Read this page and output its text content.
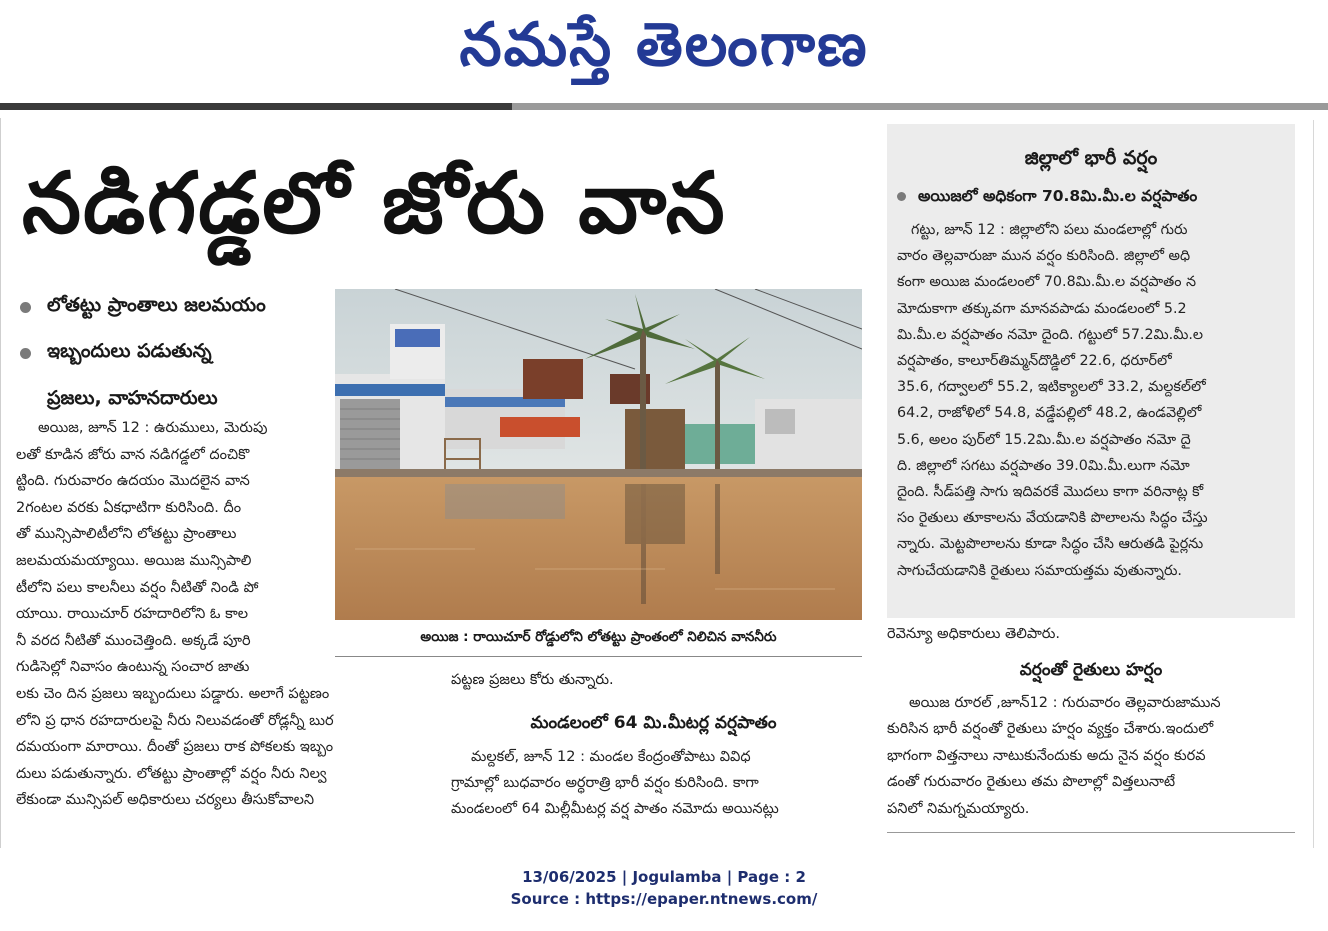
నమస్తే తెలంగాణ
నడిగడ్డలో జోరు వాన
లోతట్టు ప్రాంతాలు జలమయం
ఇబ్బందులు పడుతున్న
ప్రజలు, వాహనదారులు

అయిజ, జూన్ 12 : ఉరుములు, మెరుపు

లతో కూడిన జోరు వాన నడిగడ్డలో దంచికొ

ట్టింది. గురువారం ఉదయం మొదలైన వాన

2గంటల వరకు ఏకధాటిగా కురిసింది. దీం

తో మున్సిపాలిటీలోని లోతట్టు ప్రాంతాలు

జలమయమయ్యాయి. అయిజ మున్సిపాలి

టీలోని పలు కాలనీలు వర్షం నీటితో నిండి పో

యాయి. రాయిచూర్ రహదారిలోని ఓ కాల

నీ వరద నీటితో ముంచెత్తింది. అక్కడే పూరి

గుడిసెల్లో నివాసం ఉంటున్న సంచార జాతు

లకు చెం దిన ప్రజలు ఇబ్బందులు పడ్డారు. అలాగే పట్టణం

లోని ప్ర ధాన రహదారులపై నీరు నిలువడంతో రోడ్లన్నీ బుర

దమయంగా మారాయి. దీంతో ప్రజలు రాక పోకలకు ఇబ్బం

దులు పడుతున్నారు. లోతట్టు ప్రాంతాల్లో వర్షం నీరు నిల్వ

లేకుండా మున్సిపల్ అధికారులు చర్యలు తీసుకోవాలని

అయిజ : రాయిచూర్ రోడ్డులోని లోతట్టు ప్రాంతంలో నిలిచిన వాననీరు
పట్టణ ప్రజలు కోరు తున్నారు.
మండలంలో 64 మి.మీటర్ల వర్షపాతం

మల్దకల్, జూన్ 12 : మండల కేంద్రంతోపాటు వివిధ

గ్రామాల్లో బుధవారం అర్ధరాత్రి భారీ వర్షం కురిసింది. కాగా

మండలంలో 64 మిల్లీమీటర్ల వర్ష పాతం నమోదు అయినట్లు

జిల్లాలో భారీ వర్షం
అయిజలో అధికంగా 70.8మి.మీ.ల వర్షపాతం

గట్టు, జూన్ 12 : జిల్లాలోని పలు మండలాల్లో గురు

వారం తెల్లవారుజా మున వర్షం కురిసింది. జిల్లాలో అధి

కంగా అయిజ మండలంలో 70.8మి.మీ.ల వర్షపాతం న

మోదుకాగా తక్కువగా మానవపాడు మండలంలో 5.2

మి.మీ.ల వర్షపాతం నమో దైంది. గట్టులో 57.2మి.మీ.ల

వర్షపాతం, కాలూర్‌తిమ్మన్‌దొడ్డిలో 22.6, ధరూర్‌లో

35.6, గద్వాలలో 55.2, ఇటిక్యాలలో 33.2, మల్దకల్‌లో

64.2, రాజోళిలో 54.8, వడ్డేపల్లిలో 48.2, ఉండవెల్లిలో

5.6, అలం పుర్‌లో 15.2మి.మీ.ల వర్షపాతం నమో దై

ది. జిల్లాలో సగటు వర్షపాతం 39.0మి.మీ.లుగా నమో

దైంది. సీడ్‌పత్తి సాగు ఇదివరకే మొదలు కాగా వరినాట్ల కో

సం రైతులు తూకాలను వేయడానికి పొలాలను సిద్ధం చేస్తు

న్నారు. మెట్టపొలాలను కూడా సిద్ధం చేసి ఆరుతడి పైర్లను

సాగుచేయడానికి రైతులు సమాయత్తమ వుతున్నారు.

రెవెన్యూ అధికారులు తెలిపారు.
వర్షంతో రైతులు హర్షం

అయిజ రూరల్ ,జూన్12 : గురువారం తెల్లవారుజామున

కురిసిన భారీ వర్షంతో రైతులు హర్షం వ్యక్తం చేశారు.ఇందులో

భాగంగా విత్తనాలు నాటుకునేందుకు అదు నైన వర్షం కురవ

డంతో గురువారం రైతులు తమ పొలాల్లో విత్తలునాటే

పనిలో నిమగ్నమయ్యారు.

13/06/2025 | Jogulamba | Page : 2
Source : https://epaper.ntnews.com/
